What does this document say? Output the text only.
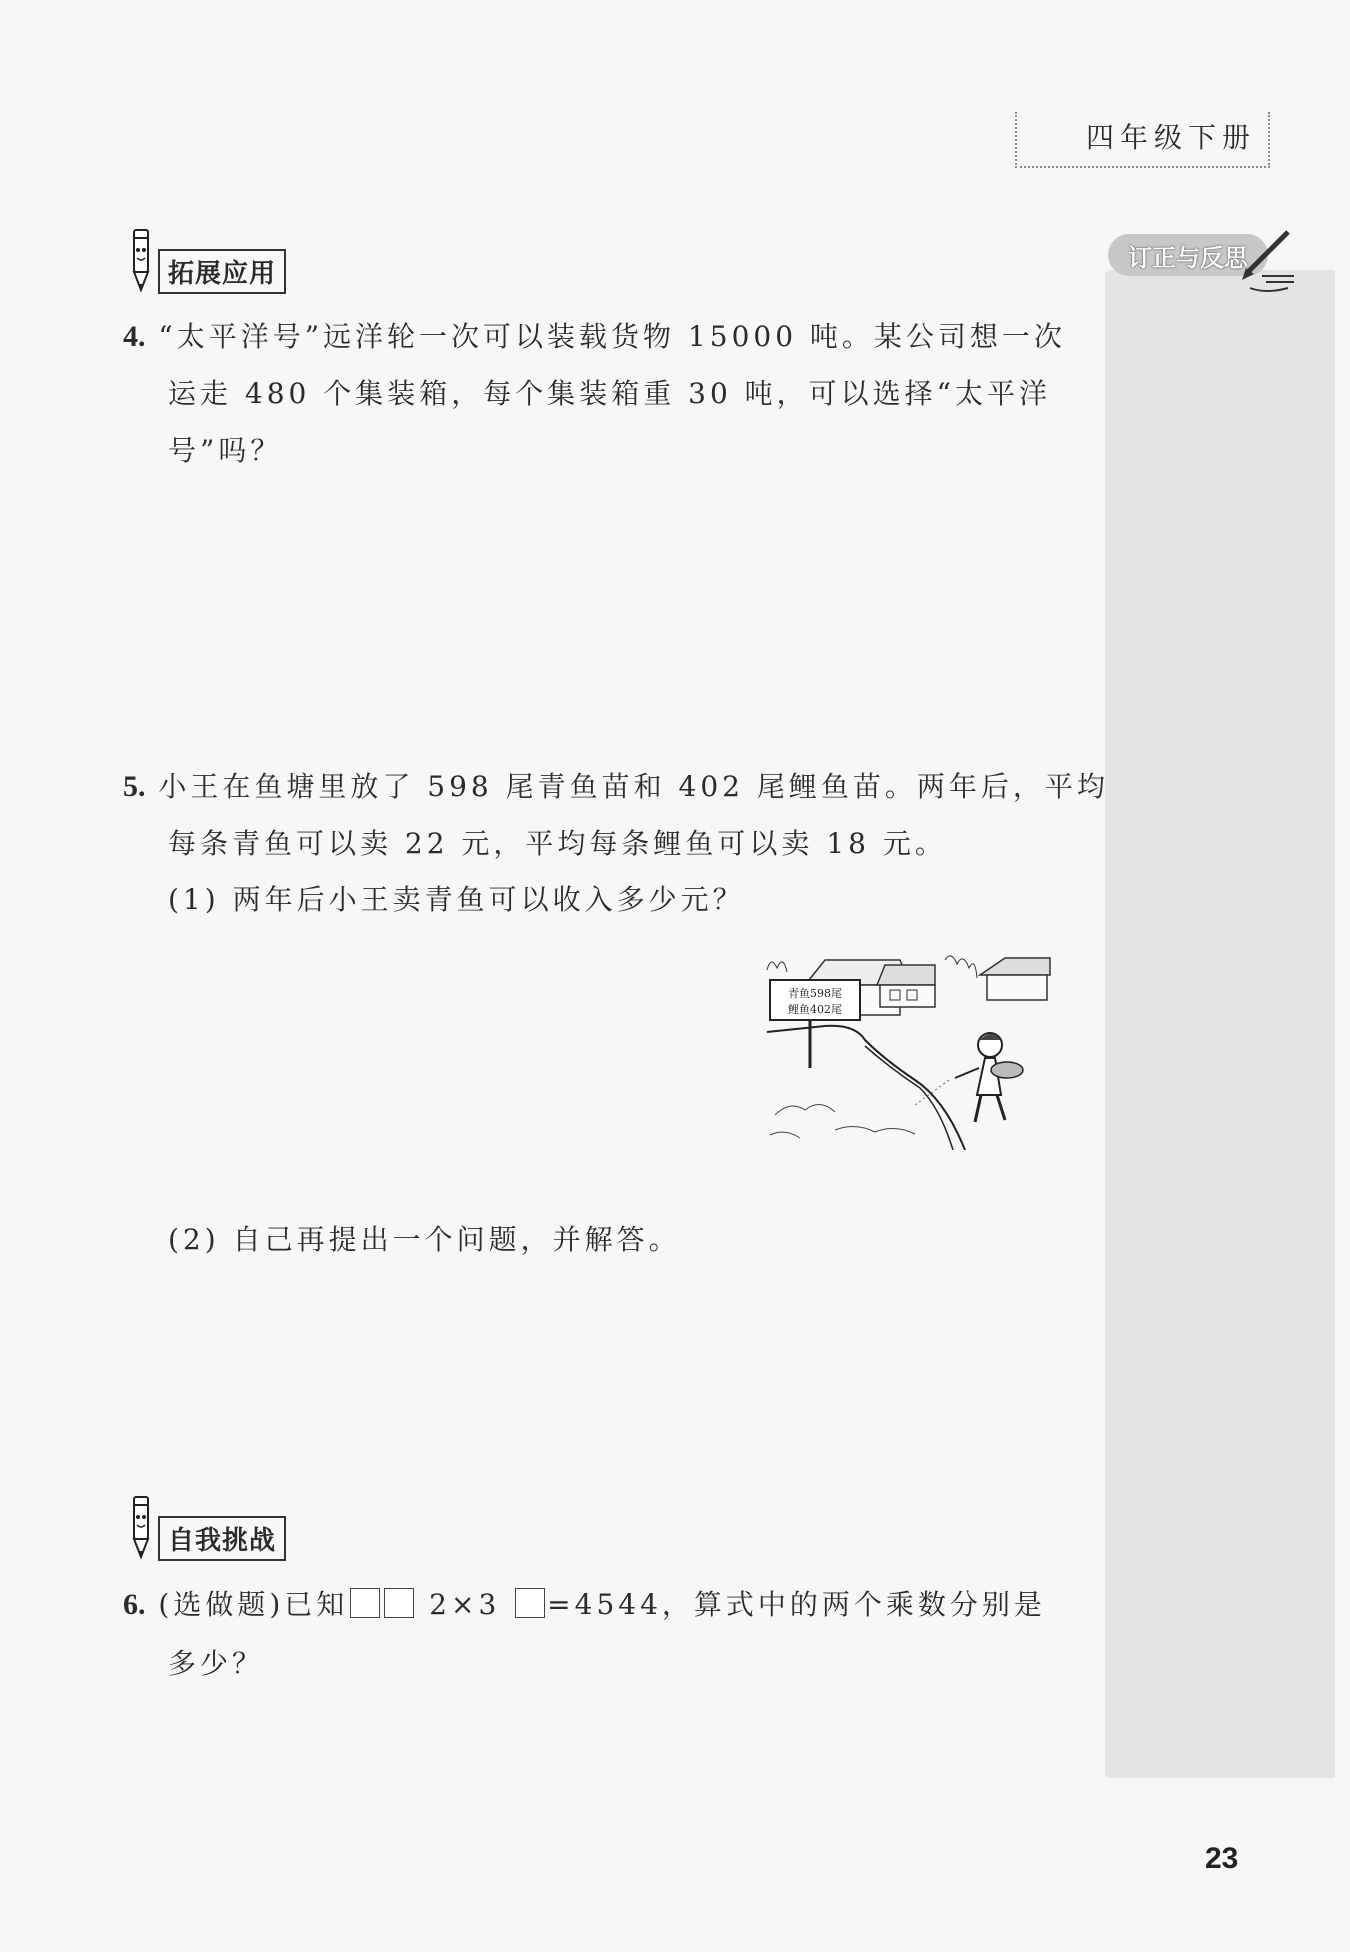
四年级下册
订正与反思
拓展应用
4. “太平洋号”远洋轮一次可以装载货物 15000 吨。某公司想一次
运走 480 个集装箱，每个集装箱重 30 吨，可以选择“太平洋
号”吗？
5. 小王在鱼塘里放了 598 尾青鱼苗和 402 尾鲤鱼苗。两年后，平均
每条青鱼可以卖 22 元，平均每条鲤鱼可以卖 18 元。
(1) 两年后小王卖青鱼可以收入多少元？
青鱼598尾
鲤鱼402尾
(2) 自己再提出一个问题，并解答。
自我挑战
6. (选做题)已知	2×3 =4544，算式中的两个乘数分别是
多少？
23
